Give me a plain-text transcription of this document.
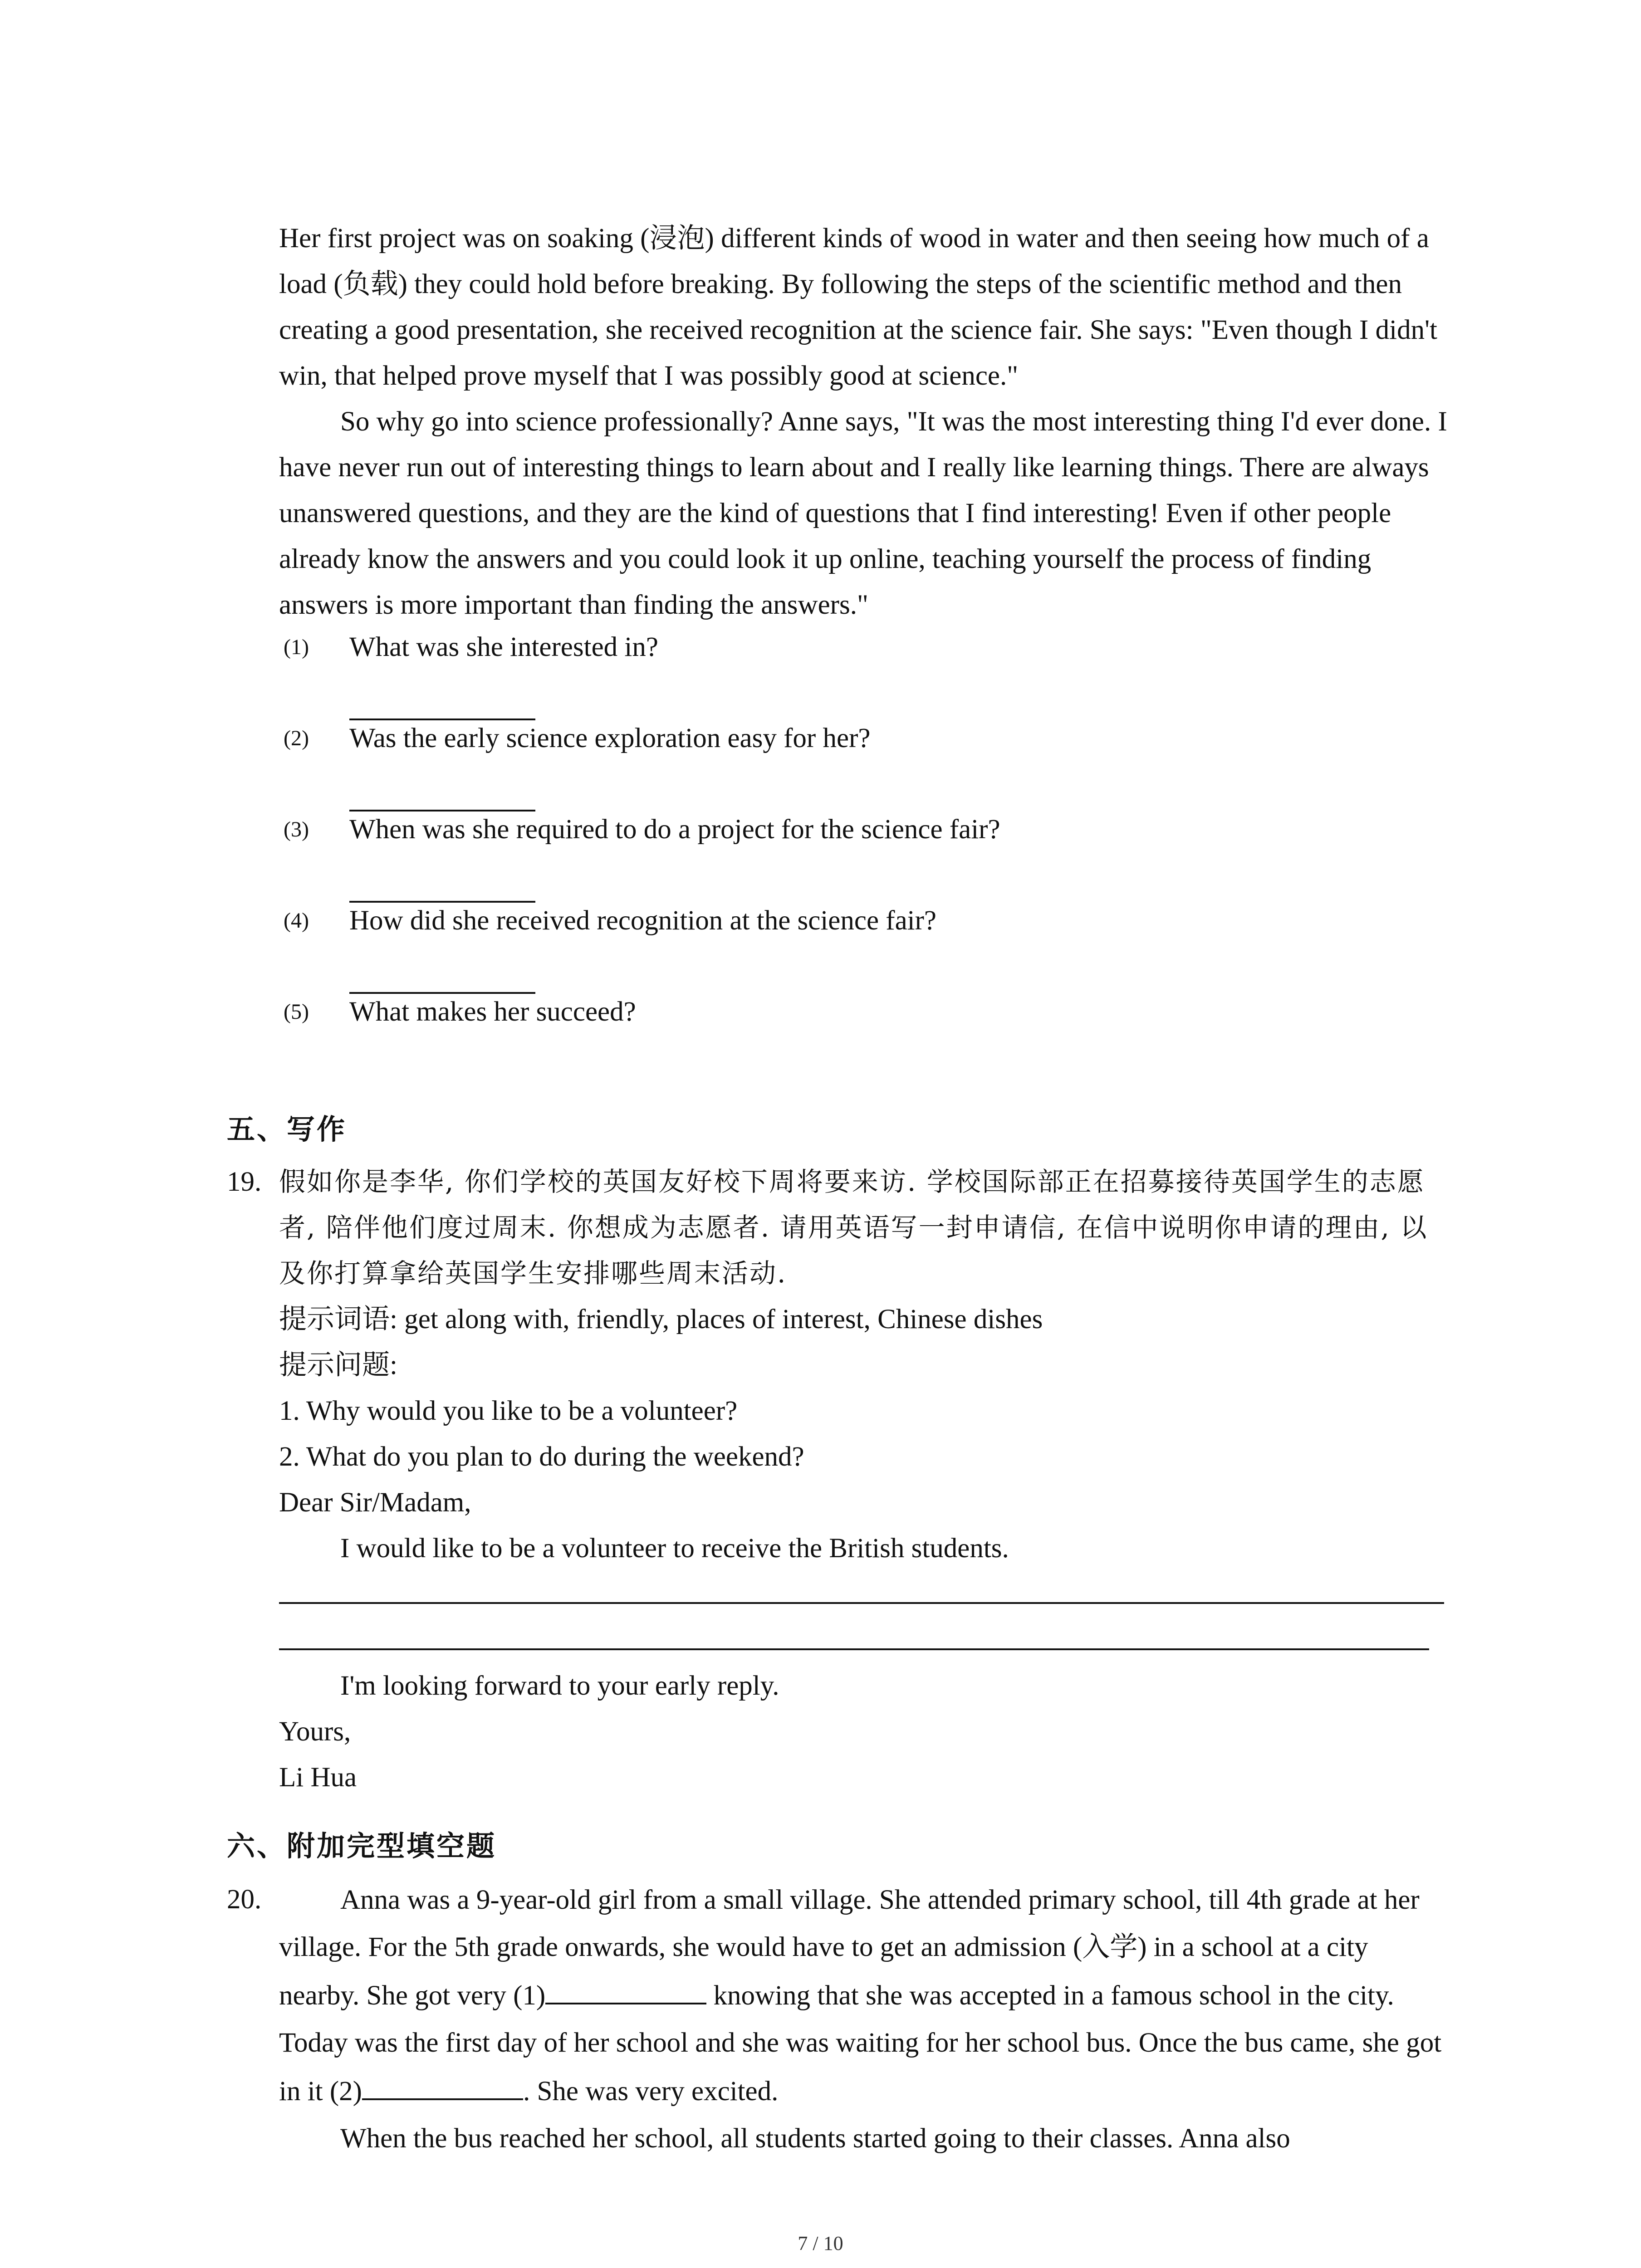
Her first project was on soaking (浸泡) different kinds of wood in water and then seeing how much of a load (负载) they could hold before breaking. By following the steps of the scientific method and then creating a good presentation, she received recognition at the science fair. She says: "Even though I didn't win, that helped prove myself that I was possibly good at science."

So why go into science professionally? Anne says, "It was the most interesting thing I'd ever done. I have never run out of interesting things to learn about and I really like learning things. There are always unanswered questions, and they are the kind of questions that I find interesting! Even if other people already know the answers and you could look it up online, teaching yourself the process of finding answers is more important than finding the answers."

(1) What was she interested in?
(2) Was the early science exploration easy for her?
(3) When was she required to do a project for the science fair?
(4) How did she received recognition at the science fair?
(5) What makes her succeed?
五、写作
19. 假如你是李华, 你们学校的英国友好校下周将要来访. 学校国际部正在招募接待英国学生的志愿者, 陪伴他们度过周末. 你想成为志愿者. 请用英语写一封申请信, 在信中说明你申请的理由, 以及你打算拿给英国学生安排哪些周末活动.

提示词语: get along with, friendly, places of interest, Chinese dishes

提示问题:

1. Why would you like to be a volunteer?

2. What do you plan to do during the weekend?

Dear Sir/Madam,

I would like to be a volunteer to receive the British students.

I'm looking forward to your early reply.

Yours,

Li Hua

六、附加完型填空题
20.	Anna was a 9-year-old girl from a small village. She attended primary school, till 4th grade at her village. For the 5th grade onwards, she would have to get an admission (入学) in a school at a city nearby. She got very (1)	knowing that she was accepted in a famous school in the city. Today was the first day of her school and she was waiting for her school bus. Once the bus came, she got in it (2)	. She was very excited.

When the bus reached her school, all students started going to their classes. Anna also

7 / 10
